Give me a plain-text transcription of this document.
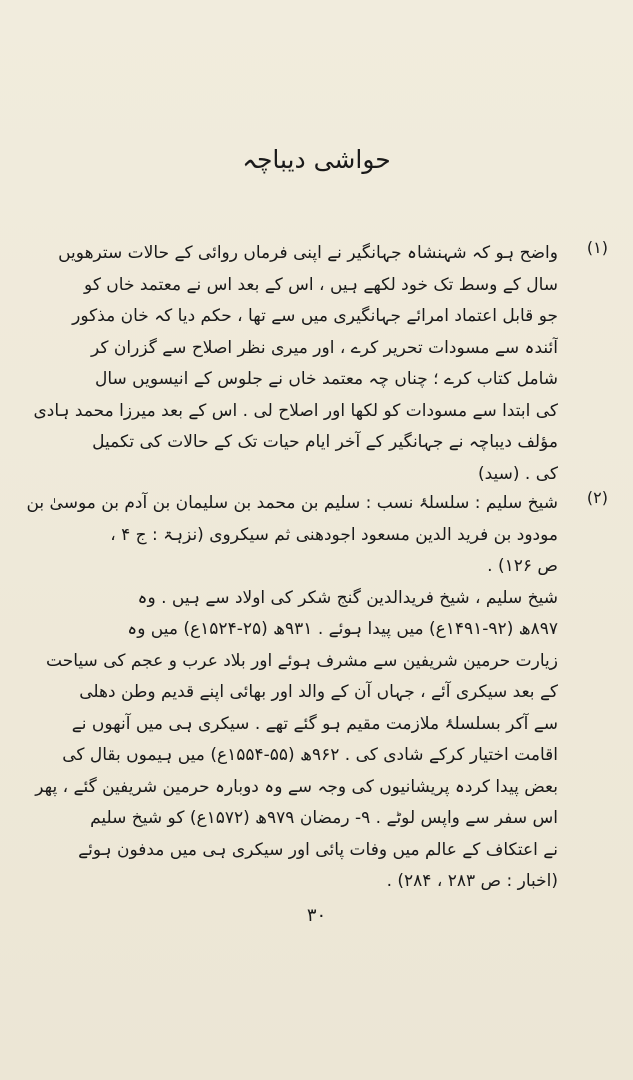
حواشی دیباچہ
(۱)
واضح ہو کہ شہنشاہ جہانگیر نے اپنی فرماں روائی کے حالات سترھویں
سال کے وسط تک خود لکھے ہیں ، اس کے بعد اس نے معتمد خاں کو
جو قابل اعتماد امرائے جہانگیری میں سے تھا ، حکم دیا کہ خان مذکور
آئندہ سے مسودات تحریر کرے ، اور میری نظر اصلاح سے گزران کر
شامل کتاب کرے ؛ چناں چہ معتمد خاں نے جلوس کے انیسویں سال
کی ابتدا سے مسودات کو لکھا اور اصلاح لی . اس کے بعد میرزا محمد ہادی
مؤلف دیباچہ نے جہانگیر کے آخر ایام حیات تک کے حالات کی تکمیل
کی . (سید)
(۲)
شیخ سلیم : سلسلۂ نسب : سلیم بن محمد بن سلیمان بن آدم بن موسیٰ بن
مودود بن فرید الدین مسعود اجودھنی ثم سیکروی (نزہۃ : ج ۴ ،
ص ۱۲۶) .
شیخ سلیم ، شیخ فریدالدین گنج شکر کی اولاد سے ہیں . وہ
۸۹۷ھ (۹۲-۱۴۹۱ع) میں پیدا ہوئے . ۹۳۱ھ (۲۵-۱۵۲۴ع) میں وہ
زیارت حرمین شریفین سے مشرف ہوئے اور بلاد عرب و عجم کی سیاحت
کے بعد سیکری آئے ، جہاں آن کے والد اور بھائی اپنے قدیم وطن دھلی
سے آکر بسلسلۂ ملازمت مقیم ہو گئے تھے . سیکری ہی میں آنھوں نے
اقامت اختیار کرکے شادی کی . ۹۶۲ھ (۵۵-۱۵۵۴ع) میں ہیموں بقال کی
بعض پیدا کردہ پریشانیوں کی وجہ سے وہ دوبارہ حرمین شریفین گئے ، پھر
اس سفر سے واپس لوٹے . ۹- رمضان ۹۷۹ھ (۱۵۷۲ع) کو شیخ سلیم
نے اعتکاف کے عالم میں وفات پائی اور سیکری ہی میں مدفون ہوئے
(اخبار : ص ۲۸۳ ، ۲۸۴) .
۳۰
